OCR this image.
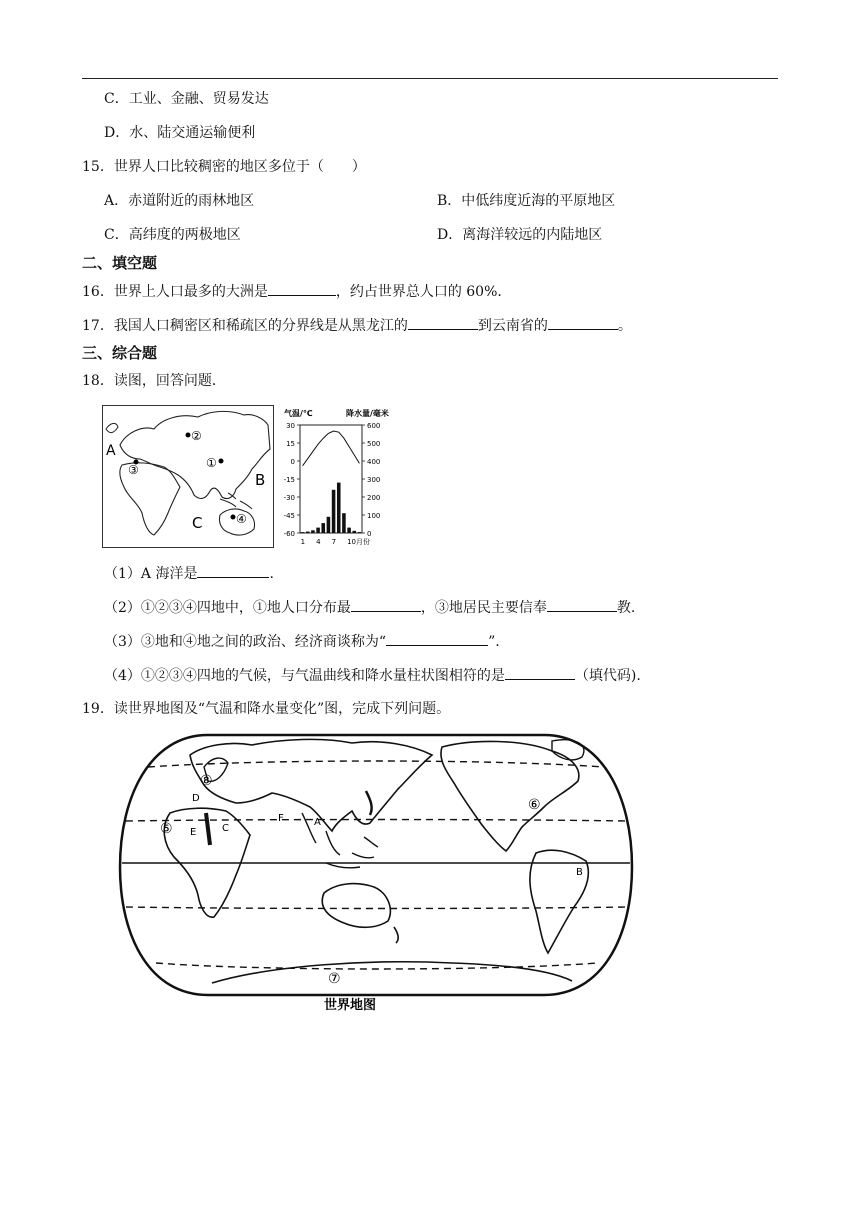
C．工业、金融、贸易发达
D．水、陆交通运输便利
15．世界人口比较稠密的地区多位于（　　）
A．赤道附近的雨林地区	B．中低纬度近海的平原地区
C．高纬度的两极地区	D．离海洋较远的内陆地区
二、填空题
16．世界上人口最多的大洲是	，约占世界总人口的 60%.
17．我国人口稠密区和稀疏区的分界线是从黑龙江的	到云南省的	。
三、综合题
18．读图，回答问题．
A
B
C
②
①
③
④
气温/℃	降水量/毫米
30
15
0
-15
-30
-45
-60
600
500
400
300
200
100
0
1 4 7 10月份
（1）A 海洋是	.
（2）①②③④四地中，①地人口分布最	，③地居民主要信奉	教.
（3）③地和④地之间的政治、经济商谈称为“	”.
（4）①②③④四地的气候，与气温曲线和降水量柱状图相符的是	（填代码).
19．读世界地图及“气温和降水量变化”图，完成下列问题。
D
E	C
F	A
B
⑤
⑥
⑦
⑧
世界地图
